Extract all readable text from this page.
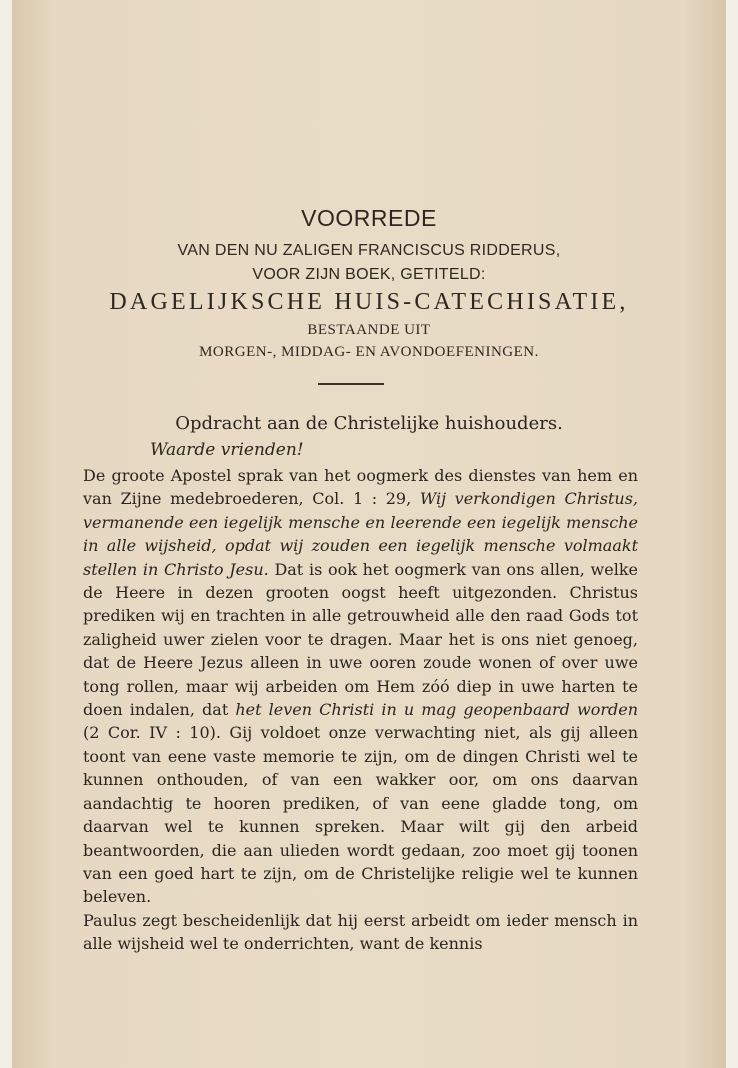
VOORREDE
VAN DEN NU ZALIGEN FRANCISCUS RIDDERUS,
VOOR ZIJN BOEK, GETITELD:
DAGELIJKSCHE HUIS-CATECHISATIE,
BESTAANDE UIT
MORGEN-, MIDDAG- EN AVONDOEFENINGEN.
Opdracht aan de Christelijke huishouders.
Waarde vrienden!

De groote Apostel sprak van het oogmerk des dienstes van hem en van Zijne medebroederen, Col. 1 : 29, Wij verkondigen Christus, vermanende een iegelijk mensche en leerende een iegelijk mensche in alle wijsheid, opdat wij zouden een iegelijk mensche volmaakt stellen in Christo Jesu. Dat is ook het oogmerk van ons allen, welke de Heere in dezen grooten oogst heeft uitgezonden. Christus prediken wij en trachten in alle getrouwheid alle den raad Gods tot zaligheid uwer zielen voor te dragen. Maar het is ons niet genoeg, dat de Heere Jezus alleen in uwe ooren zoude wonen of over uwe tong rollen, maar wij arbeiden om Hem zóó diep in uwe harten te doen indalen, dat het leven Christi in u mag geopenbaard worden (2 Cor. IV : 10). Gij voldoet onze verwachting niet, als gij alleen toont van eene vaste memorie te zijn, om de dingen Christi wel te kunnen onthouden, of van een wakker oor, om ons daarvan aandachtig te hooren prediken, of van eene gladde tong, om daarvan wel te kunnen spreken. Maar wilt gij den arbeid beantwoorden, die aan ulieden wordt gedaan, zoo moet gij toonen van een goed hart te zijn, om de Christelijke religie wel te kunnen beleven.

Paulus zegt bescheidenlijk dat hij eerst arbeidt om ieder mensch in alle wijsheid wel te onderrichten, want de kennis
